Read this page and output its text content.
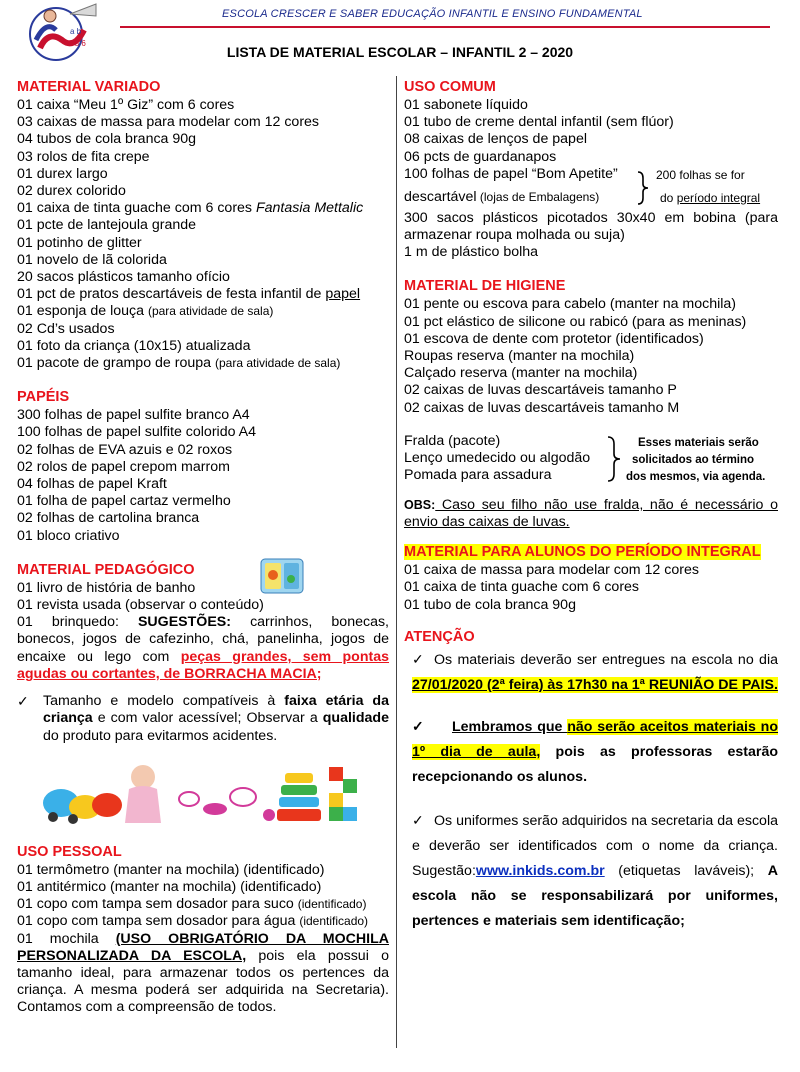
a b
4 5 6
ESCOLA CRESCER E SABER EDUCAÇÃO INFANTIL E ENSINO FUNDAMENTAL
LISTA DE MATERIAL ESCOLAR – INFANTIL 2 – 2020
MATERIAL VARIADO
01 caixa “Meu 1º Giz” com 6 cores
03 caixas de massa para modelar com 12 cores
04 tubos de cola branca 90g
03 rolos de fita crepe
01 durex largo
02 durex colorido
01 caixa de tinta guache com 6 cores Fantasia Mettalic
01 pcte de lantejoula grande
01 potinho de glitter
01 novelo de lã colorida
20 sacos plásticos tamanho ofício
01 pct de pratos descartáveis de festa infantil de papel
01 esponja de louça (para atividade de sala)
02 Cd’s usados
01 foto da criança (10x15) atualizada
01 pacote de grampo de roupa (para atividade de sala)
PAPÉIS
300 folhas de papel sulfite branco A4
100 folhas de papel sulfite colorido A4
02 folhas de EVA azuis e 02 roxos
02 rolos de papel crepom marrom
04 folhas de papel Kraft
01 folha de papel cartaz vermelho
02 folhas de cartolina branca
01 bloco criativo
MATERIAL PEDAGÓGICO
01 livro de história de banho
01 revista usada (observar o conteúdo)
01 brinquedo: SUGESTÕES: carrinhos, bonecas, bonecos, jogos de cafezinho, chá, panelinha, jogos de encaixe ou lego com peças grandes, sem pontas agudas ou cortantes, de BORRACHA MACIA;
✓	Tamanho e modelo compatíveis à faixa etária da criança e com valor acessível; Observar a qualidade do produto para evitarmos acidentes.
USO PESSOAL
01 termômetro (manter na mochila) (identificado)
01 antitérmico (manter na mochila) (identificado)
01 copo com tampa sem dosador para suco (identificado)
01 copo com tampa sem dosador para água (identificado)
01 mochila (USO OBRIGATÓRIO DA MOCHILA PERSONALIZADA DA ESCOLA, pois ela possui o tamanho ideal, para armazenar todos os pertences da criança. A mesma poderá ser adquirida na Secretaria). Contamos com a compreensão de todos.
USO COMUM
01 sabonete líquido
01 tubo de creme dental infantil (sem flúor)
08 caixas de lenços de papel
06 pcts de guardanapos
100 folhas de papel “Bom Apetite”
descartável (lojas de Embalagens)
200 folhas se for
do período integral
300 sacos plásticos picotados 30x40 em bobina (para armazenar roupa molhada ou suja)
1 m de plástico bolha
MATERIAL DE HIGIENE
01 pente ou escova para cabelo (manter na mochila)
01 pct elástico de silicone ou rabicó (para as meninas)
01 escova de dente com protetor (identificados)
Roupas reserva (manter na mochila)
Calçado reserva (manter na mochila)
02 caixas de luvas descartáveis tamanho P
02 caixas de luvas descartáveis tamanho M
Fralda (pacote)
Lenço umedecido ou algodão
Pomada para assadura
Esses materiais serão
solicitados ao término
dos mesmos, via agenda.
OBS: Caso seu filho não use fralda, não é necessário o envio das caixas de luvas.
MATERIAL PARA ALUNOS DO PERÍODO INTEGRAL
01 caixa de massa para modelar com 12 cores
01 caixa de tinta guache com 6 cores
01 tubo de cola branca 90g
ATENÇÃO
✓ Os materiais deverão ser entregues na escola no dia 27/01/2020 (2ª feira) às 17h30 na 1ª REUNIÃO DE PAIS.
✓ Lembramos que não serão aceitos materiais no 1º dia de aula, pois as professoras estarão recepcionando os alunos.
✓ Os uniformes serão adquiridos na secretaria da escola e deverão ser identificados com o nome da criança. Sugestão:www.inkids.com.br (etiquetas laváveis); A escola não se responsabilizará por uniformes, pertences e materiais sem identificação;
